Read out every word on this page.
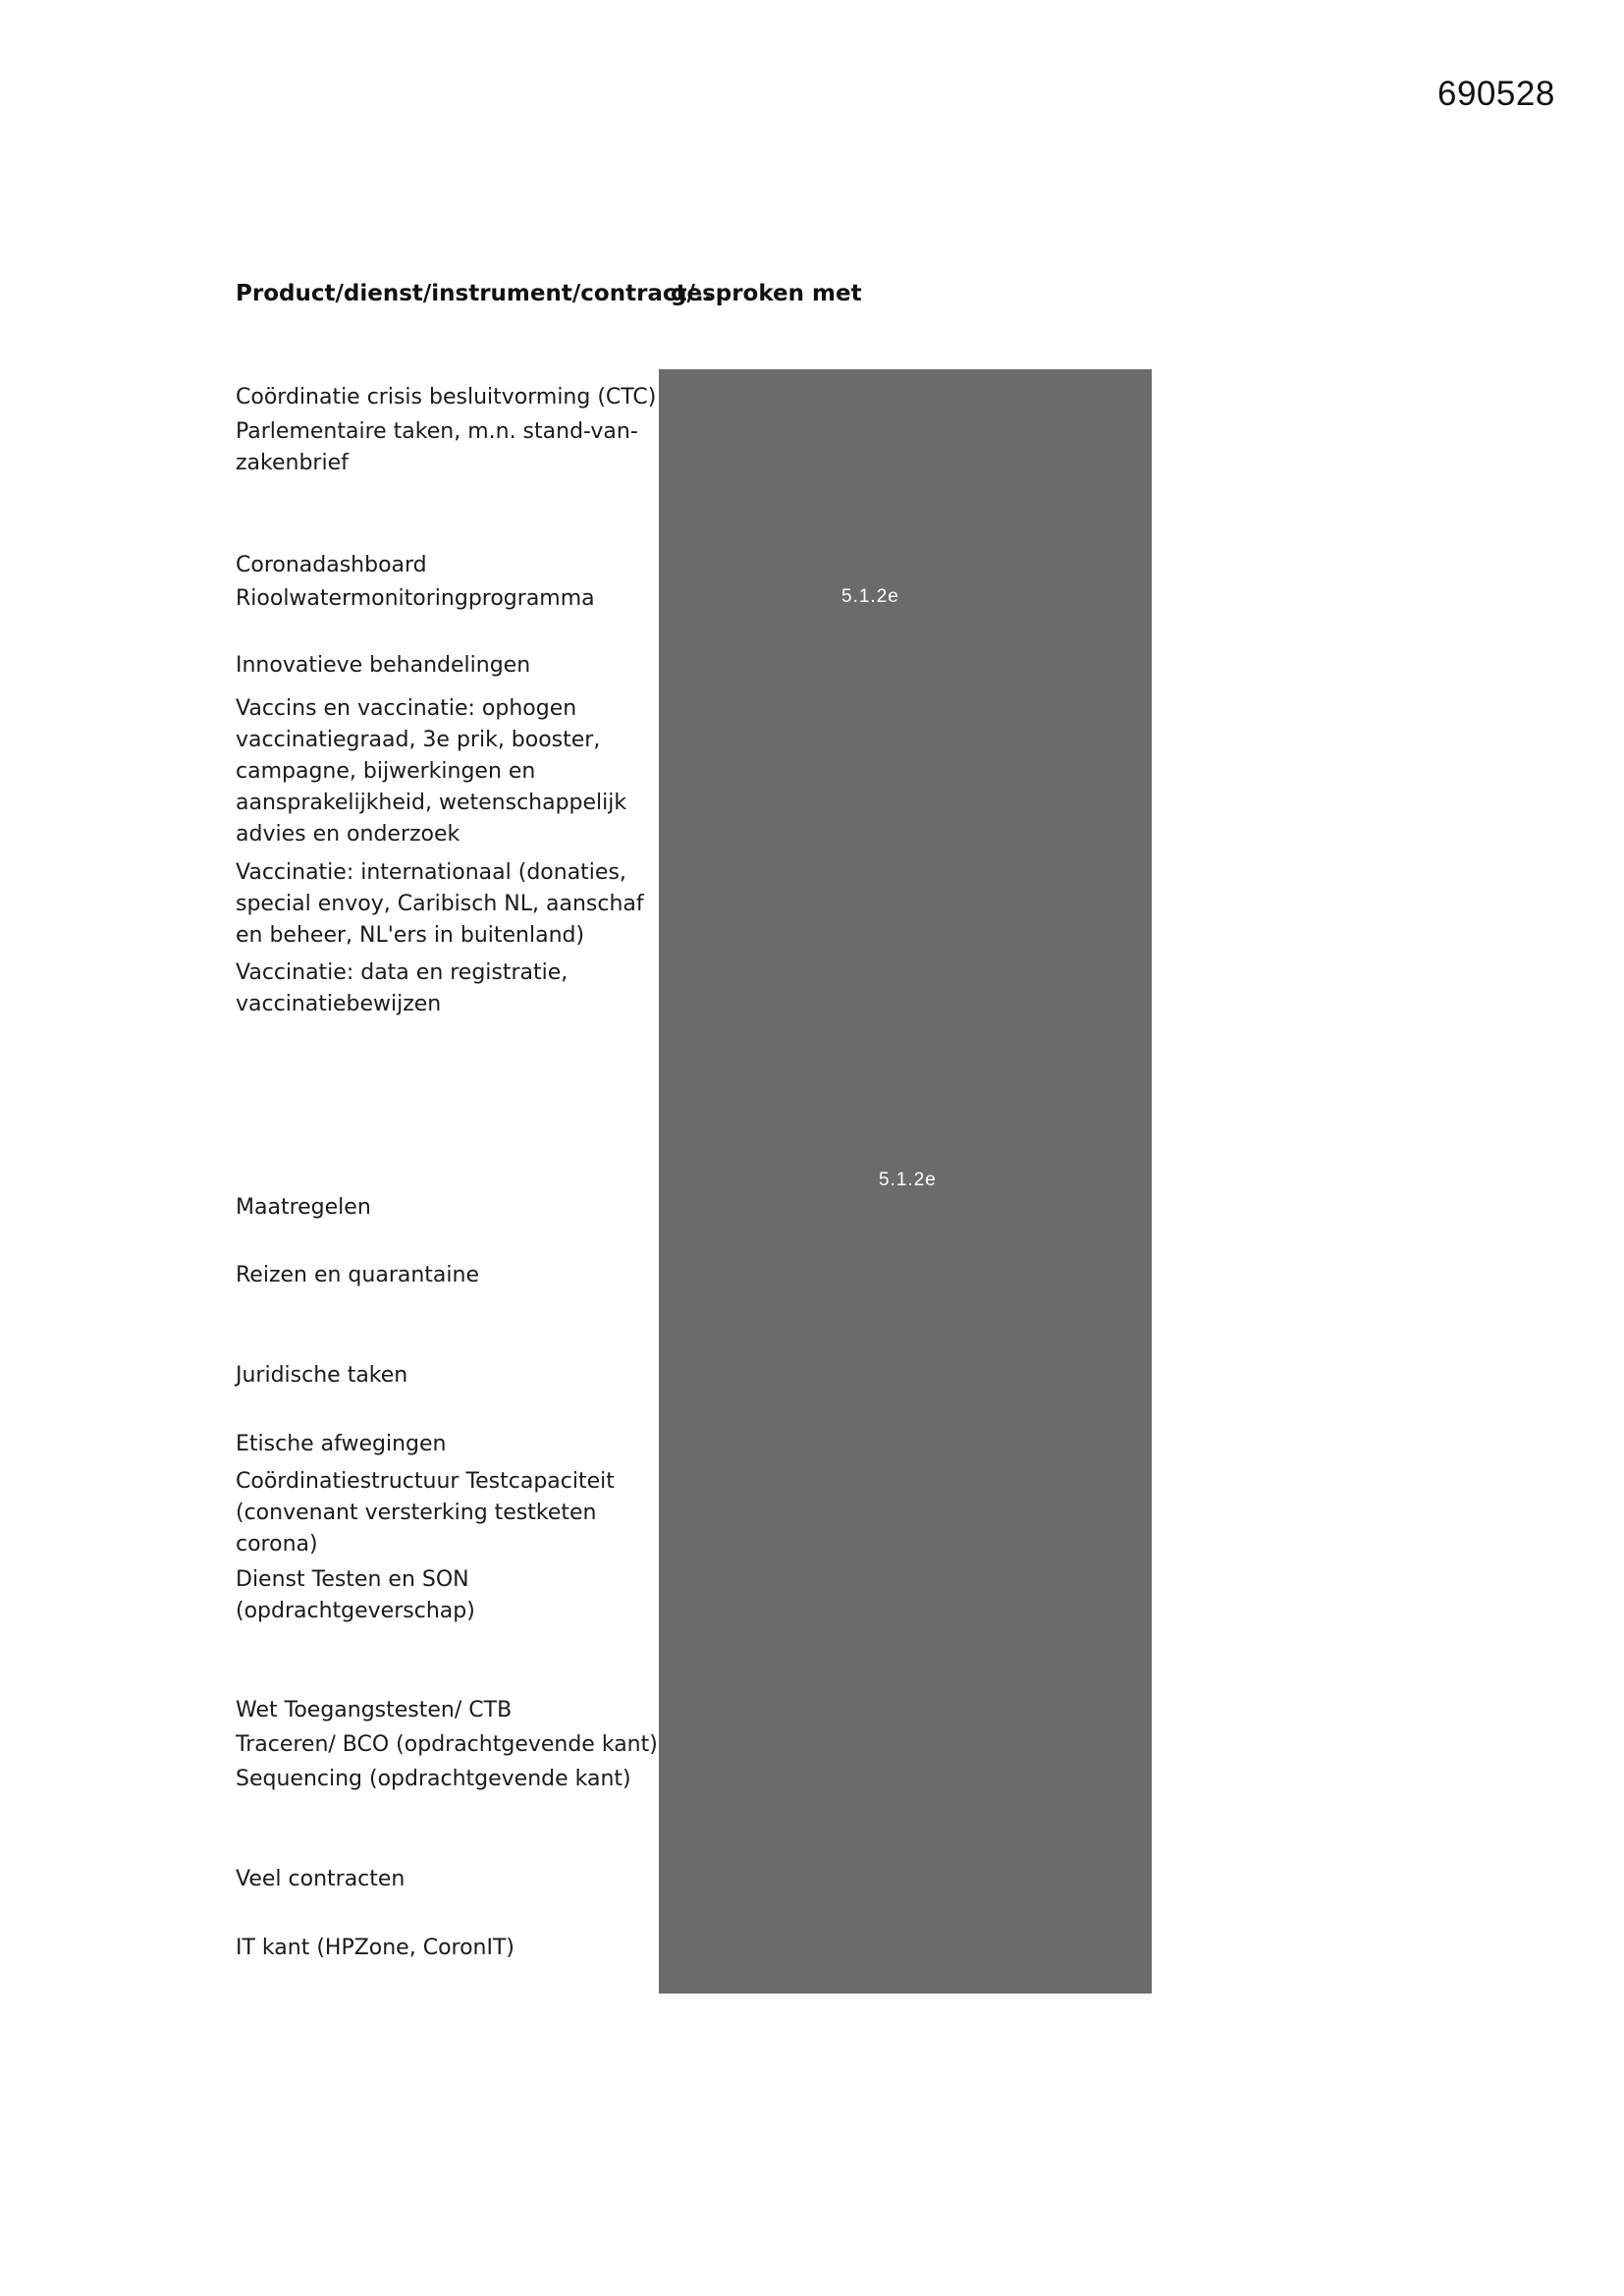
690528
Product/dienst/instrument/contract/..
gesproken met
5.1.2e
5.1.2e
Coördinatie crisis besluitvorming (CTC)
Parlementaire taken, m.n. stand-van-zakenbrief
Coronadashboard
Rioolwatermonitoringprogramma
Innovatieve behandelingen
Vaccins en vaccinatie: ophogen vaccinatiegraad, 3e prik, booster, campagne, bijwerkingen en aansprakelijkheid, wetenschappelijk advies en onderzoek
Vaccinatie: internationaal (donaties, special envoy, Caribisch NL, aanschaf en beheer, NL'ers in buitenland)
Vaccinatie: data en registratie, vaccinatiebewijzen
Maatregelen
Reizen en quarantaine
Juridische taken
Etische afwegingen
Coördinatiestructuur Testcapaciteit (convenant versterking testketen corona)
Dienst Testen en SON (opdrachtgeverschap)
Wet Toegangstesten/ CTB
Traceren/ BCO (opdrachtgevende kant)
Sequencing (opdrachtgevende kant)
Veel contracten
IT kant (HPZone, CoronIT)
